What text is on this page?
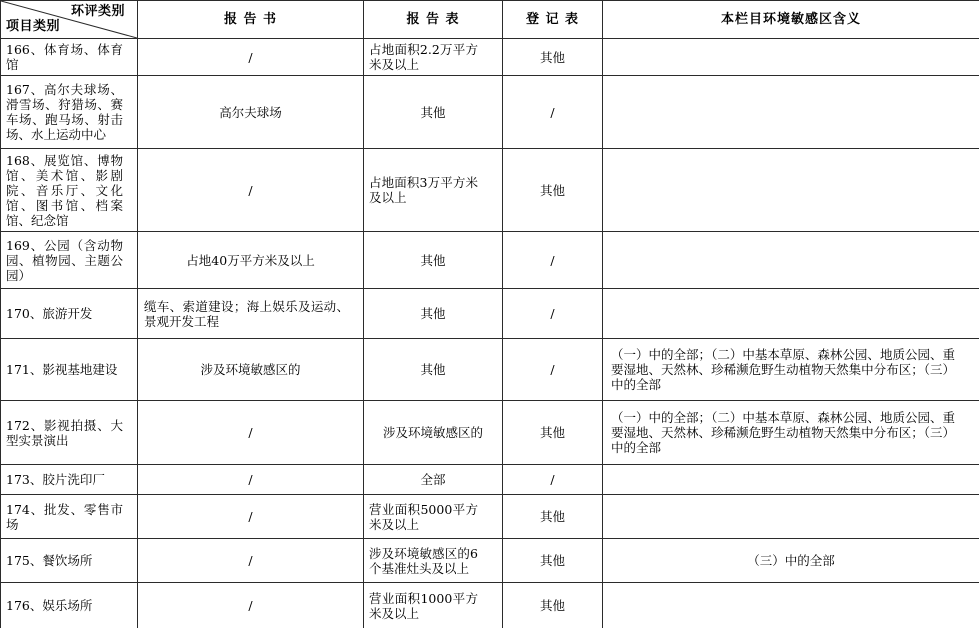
环评类别
项目类别	报 告 书	报 告 表	登 记 表	本栏目环境敏感区含义
166、体育场、体育馆	/	占地面积2.2万平方米及以上	其他	
167、高尔夫球场、滑雪场、狩猎场、赛车场、跑马场、射击场、水上运动中心	高尔夫球场	其他	/	
168、展览馆、博物馆、美术馆、影剧院、音乐厅、文化馆、图书馆、档案馆、纪念馆	/	占地面积3万平方米及以上	其他	
169、公园（含动物园、植物园、主题公园）	占地40万平方米及以上	其他	/	
170、旅游开发	缆车、索道建设；海上娱乐及运动、景观开发工程	其他	/	
171、影视基地建设	涉及环境敏感区的	其他	/	（一）中的全部；（二）中基本草原、森林公园、地质公园、重要湿地、天然林、珍稀濒危野生动植物天然集中分布区；（三）中的全部
172、影视拍摄、大型实景演出	/	涉及环境敏感区的	其他	（一）中的全部；（二）中基本草原、森林公园、地质公园、重要湿地、天然林、珍稀濒危野生动植物天然集中分布区；（三）中的全部
173、胶片洗印厂	/	全部	/	
174、批发、零售市场	/	营业面积5000平方米及以上	其他	
175、餐饮场所	/	涉及环境敏感区的6个基准灶头及以上	其他	（三）中的全部
176、娱乐场所	/	营业面积1000平方米及以上	其他	
